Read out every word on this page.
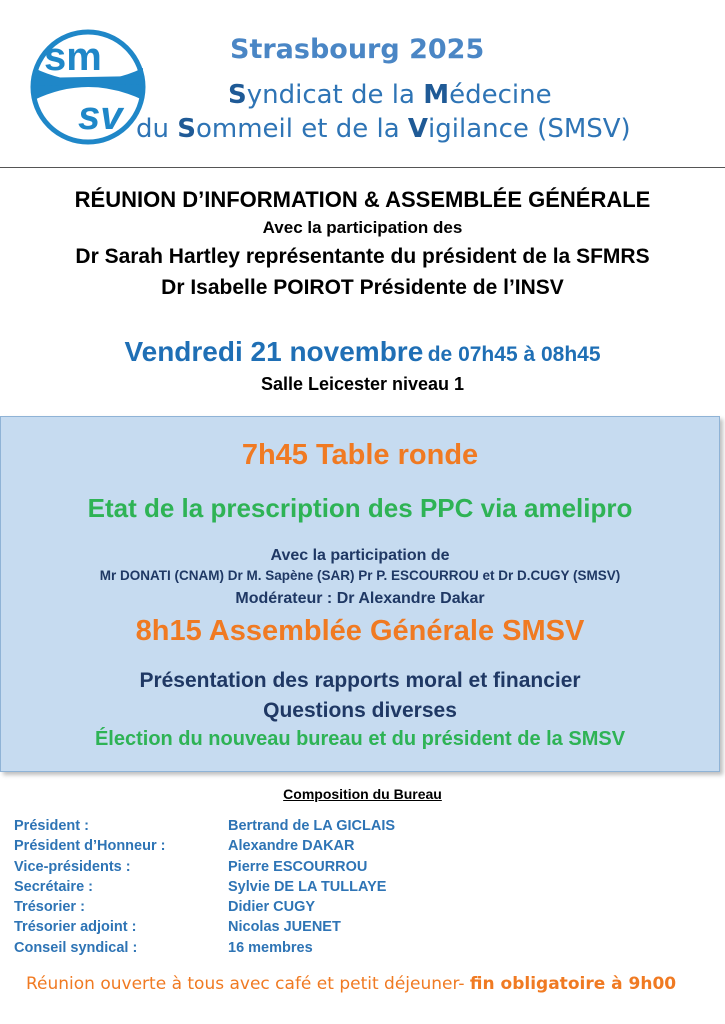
sm
sv
Strasbourg 2025
Syndicat de la Médecine
du Sommeil et de la Vigilance (SMSV)
RÉUNION D’INFORMATION & ASSEMBLÉE GÉNÉRALE
Avec la participation des
Dr Sarah Hartley représentante du président de la SFMRS
Dr Isabelle POIROT Présidente de l’INSV
Vendredi 21 novembre de 07h45 à 08h45
Salle Leicester niveau 1
7h45 Table ronde
Etat de la prescription des PPC via amelipro
Avec la participation de
Mr DONATI (CNAM) Dr M. Sapène (SAR) Pr P. ESCOURROU et Dr D.CUGY (SMSV)
Modérateur : Dr Alexandre Dakar
8h15 Assemblée Générale SMSV
Présentation des rapports moral et financier
Questions diverses
Élection du nouveau bureau et du président de la SMSV
Composition du Bureau
Président :	Bertrand de LA GICLAIS
Président d’Honneur :	Alexandre DAKAR
Vice-présidents :	Pierre ESCOURROU
Secrétaire :	Sylvie DE LA TULLAYE
Trésorier :	Didier CUGY
Trésorier adjoint :	Nicolas JUENET
Conseil syndical :	16 membres
Réunion ouverte à tous avec café et petit déjeuner- fin obligatoire à 9h00
